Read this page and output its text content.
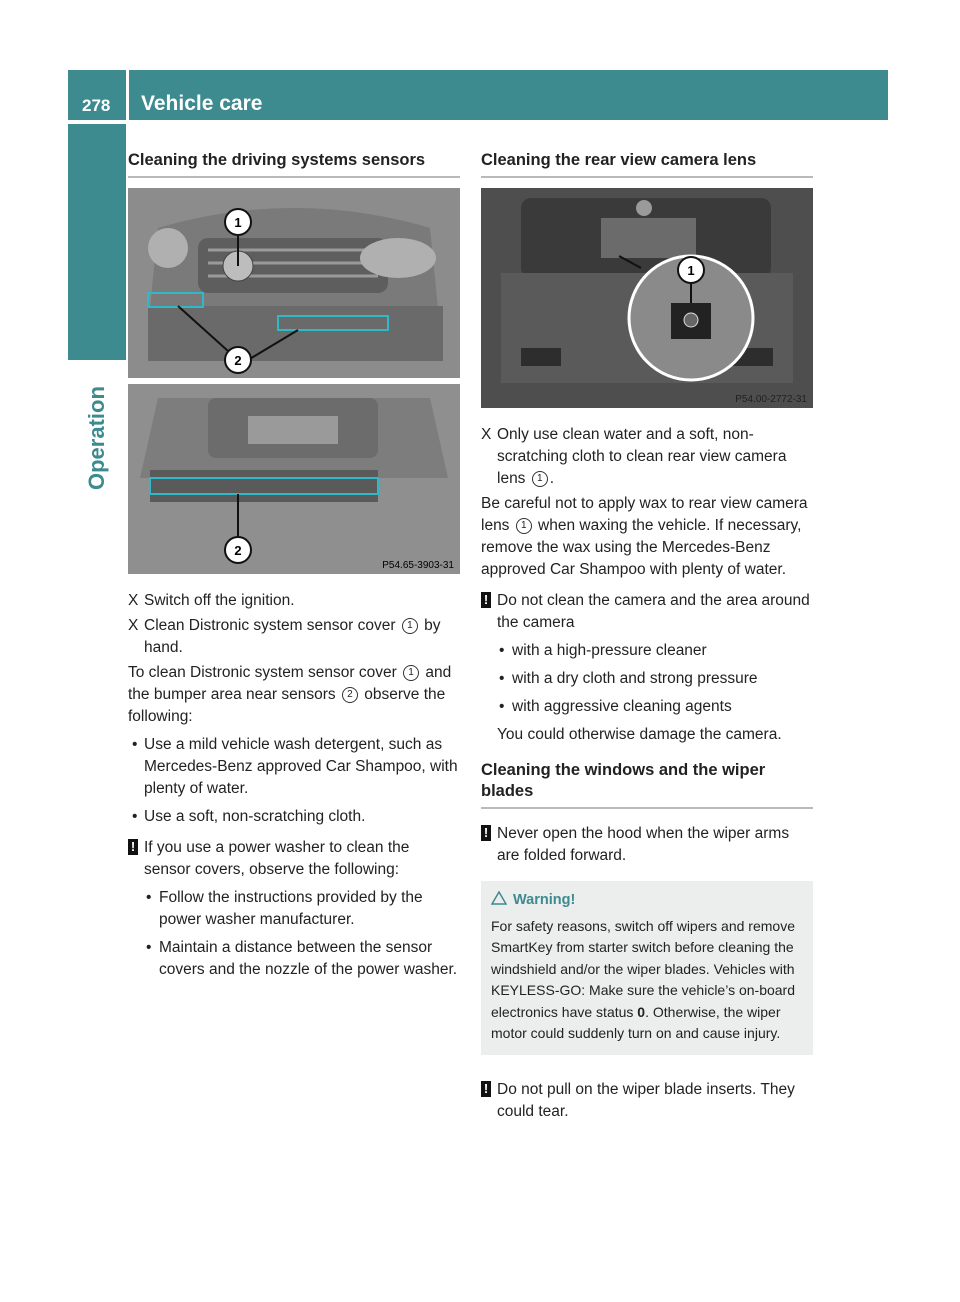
278 Vehicle care
Operation
Cleaning the driving systems sensors
1
2
2
P54.65-3903-31
X Switch off the ignition.
X Clean Distronic system sensor cover 1 by hand.

To clean Distronic system sensor cover 1 and the bumper area near sensors 2 observe the following:

• Use a mild vehicle wash detergent, such as Mercedes-Benz approved Car Shampoo, with plenty of water.
• Use a soft, non-scratching cloth.
! If you use a power washer to clean the sensor covers, observe the following:
• Follow the instructions provided by the power washer manufacturer.
• Maintain a distance between the sensor covers and the nozzle of the power washer.
Cleaning the rear view camera lens
1
P54.00-2772-31
X Only use clean water and a soft, non-scratching cloth to clean rear view camera lens 1 .

Be careful not to apply wax to rear view camera lens 1 when waxing the vehicle. If necessary, remove the wax using the Mercedes-Benz approved Car Shampoo with plenty of water.

! Do not clean the camera and the area around the camera
• with a high-pressure cleaner
• with a dry cloth and strong pressure
• with aggressive cleaning agents

You could otherwise damage the camera.

Cleaning the windows and the wiper blades
! Never open the hood when the wiper arms are folded forward.
Warning!
For safety reasons, switch off wipers and remove SmartKey from starter switch before cleaning the windshield and/or the wiper blades. Vehicles with KEYLESS-GO: Make sure the vehicle’s on-board electronics have status 0. Otherwise, the wiper motor could suddenly turn on and cause injury.
! Do not pull on the wiper blade inserts. They could tear.
